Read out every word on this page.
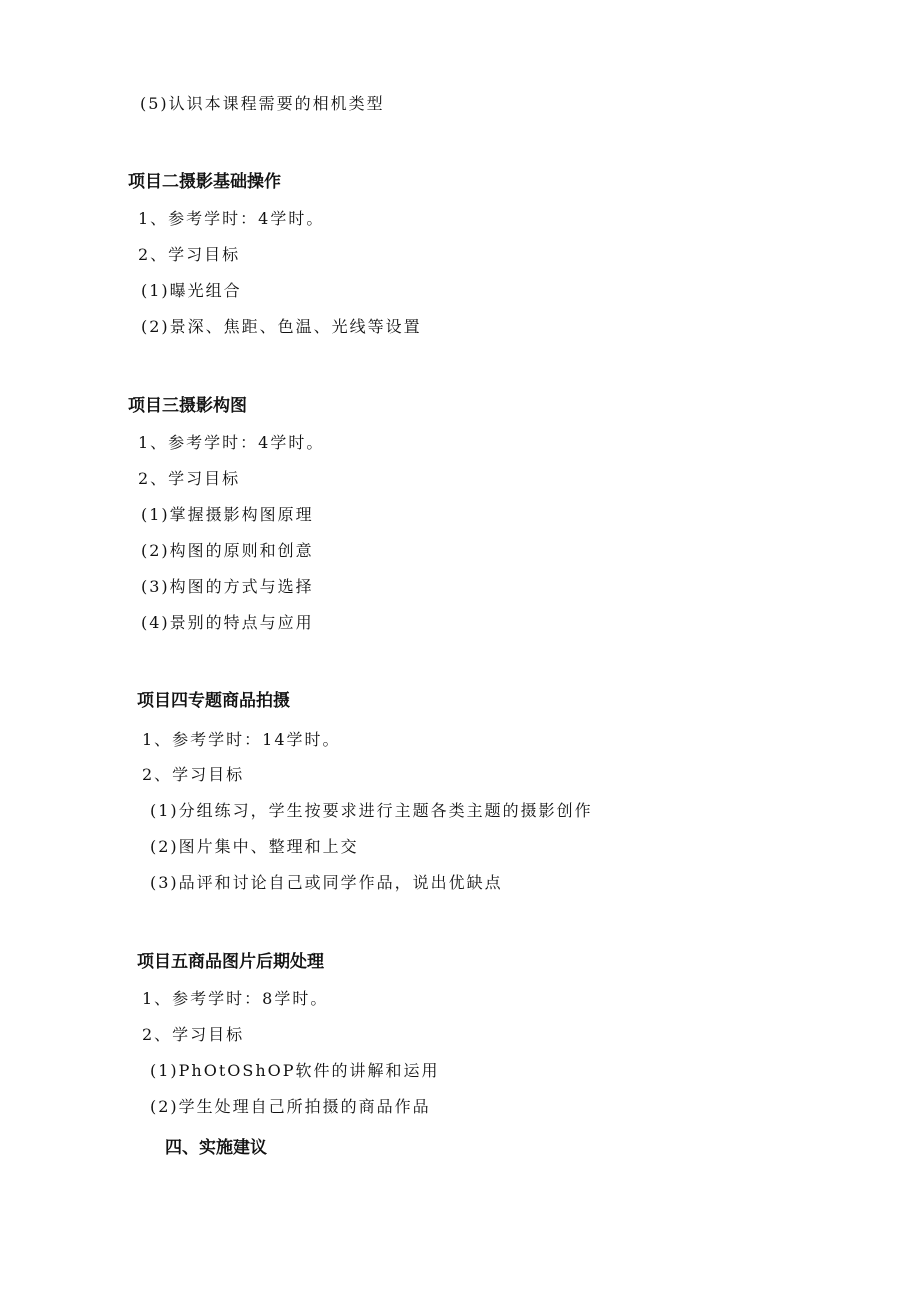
(5)认识本课程需要的相机类型
项目二摄影基础操作
1、参考学时：4学时。
2、学习目标
(1)曝光组合
(2)景深、焦距、色温、光线等设置
项目三摄影构图
1、参考学时：4学时。
2、学习目标
(1)掌握摄影构图原理
(2)构图的原则和创意
(3)构图的方式与选择
(4)景别的特点与应用
项目四专题商品拍摄
1、参考学时：14学时。
2、学习目标
(1)分组练习，学生按要求进行主题各类主题的摄影创作
(2)图片集中、整理和上交
(3)品评和讨论自己或同学作品，说出优缺点
项目五商品图片后期处理
1、参考学时：8学时。
2、学习目标
(1)PhOtOShOP软件的讲解和运用
(2)学生处理自己所拍摄的商品作品
四、实施建议
